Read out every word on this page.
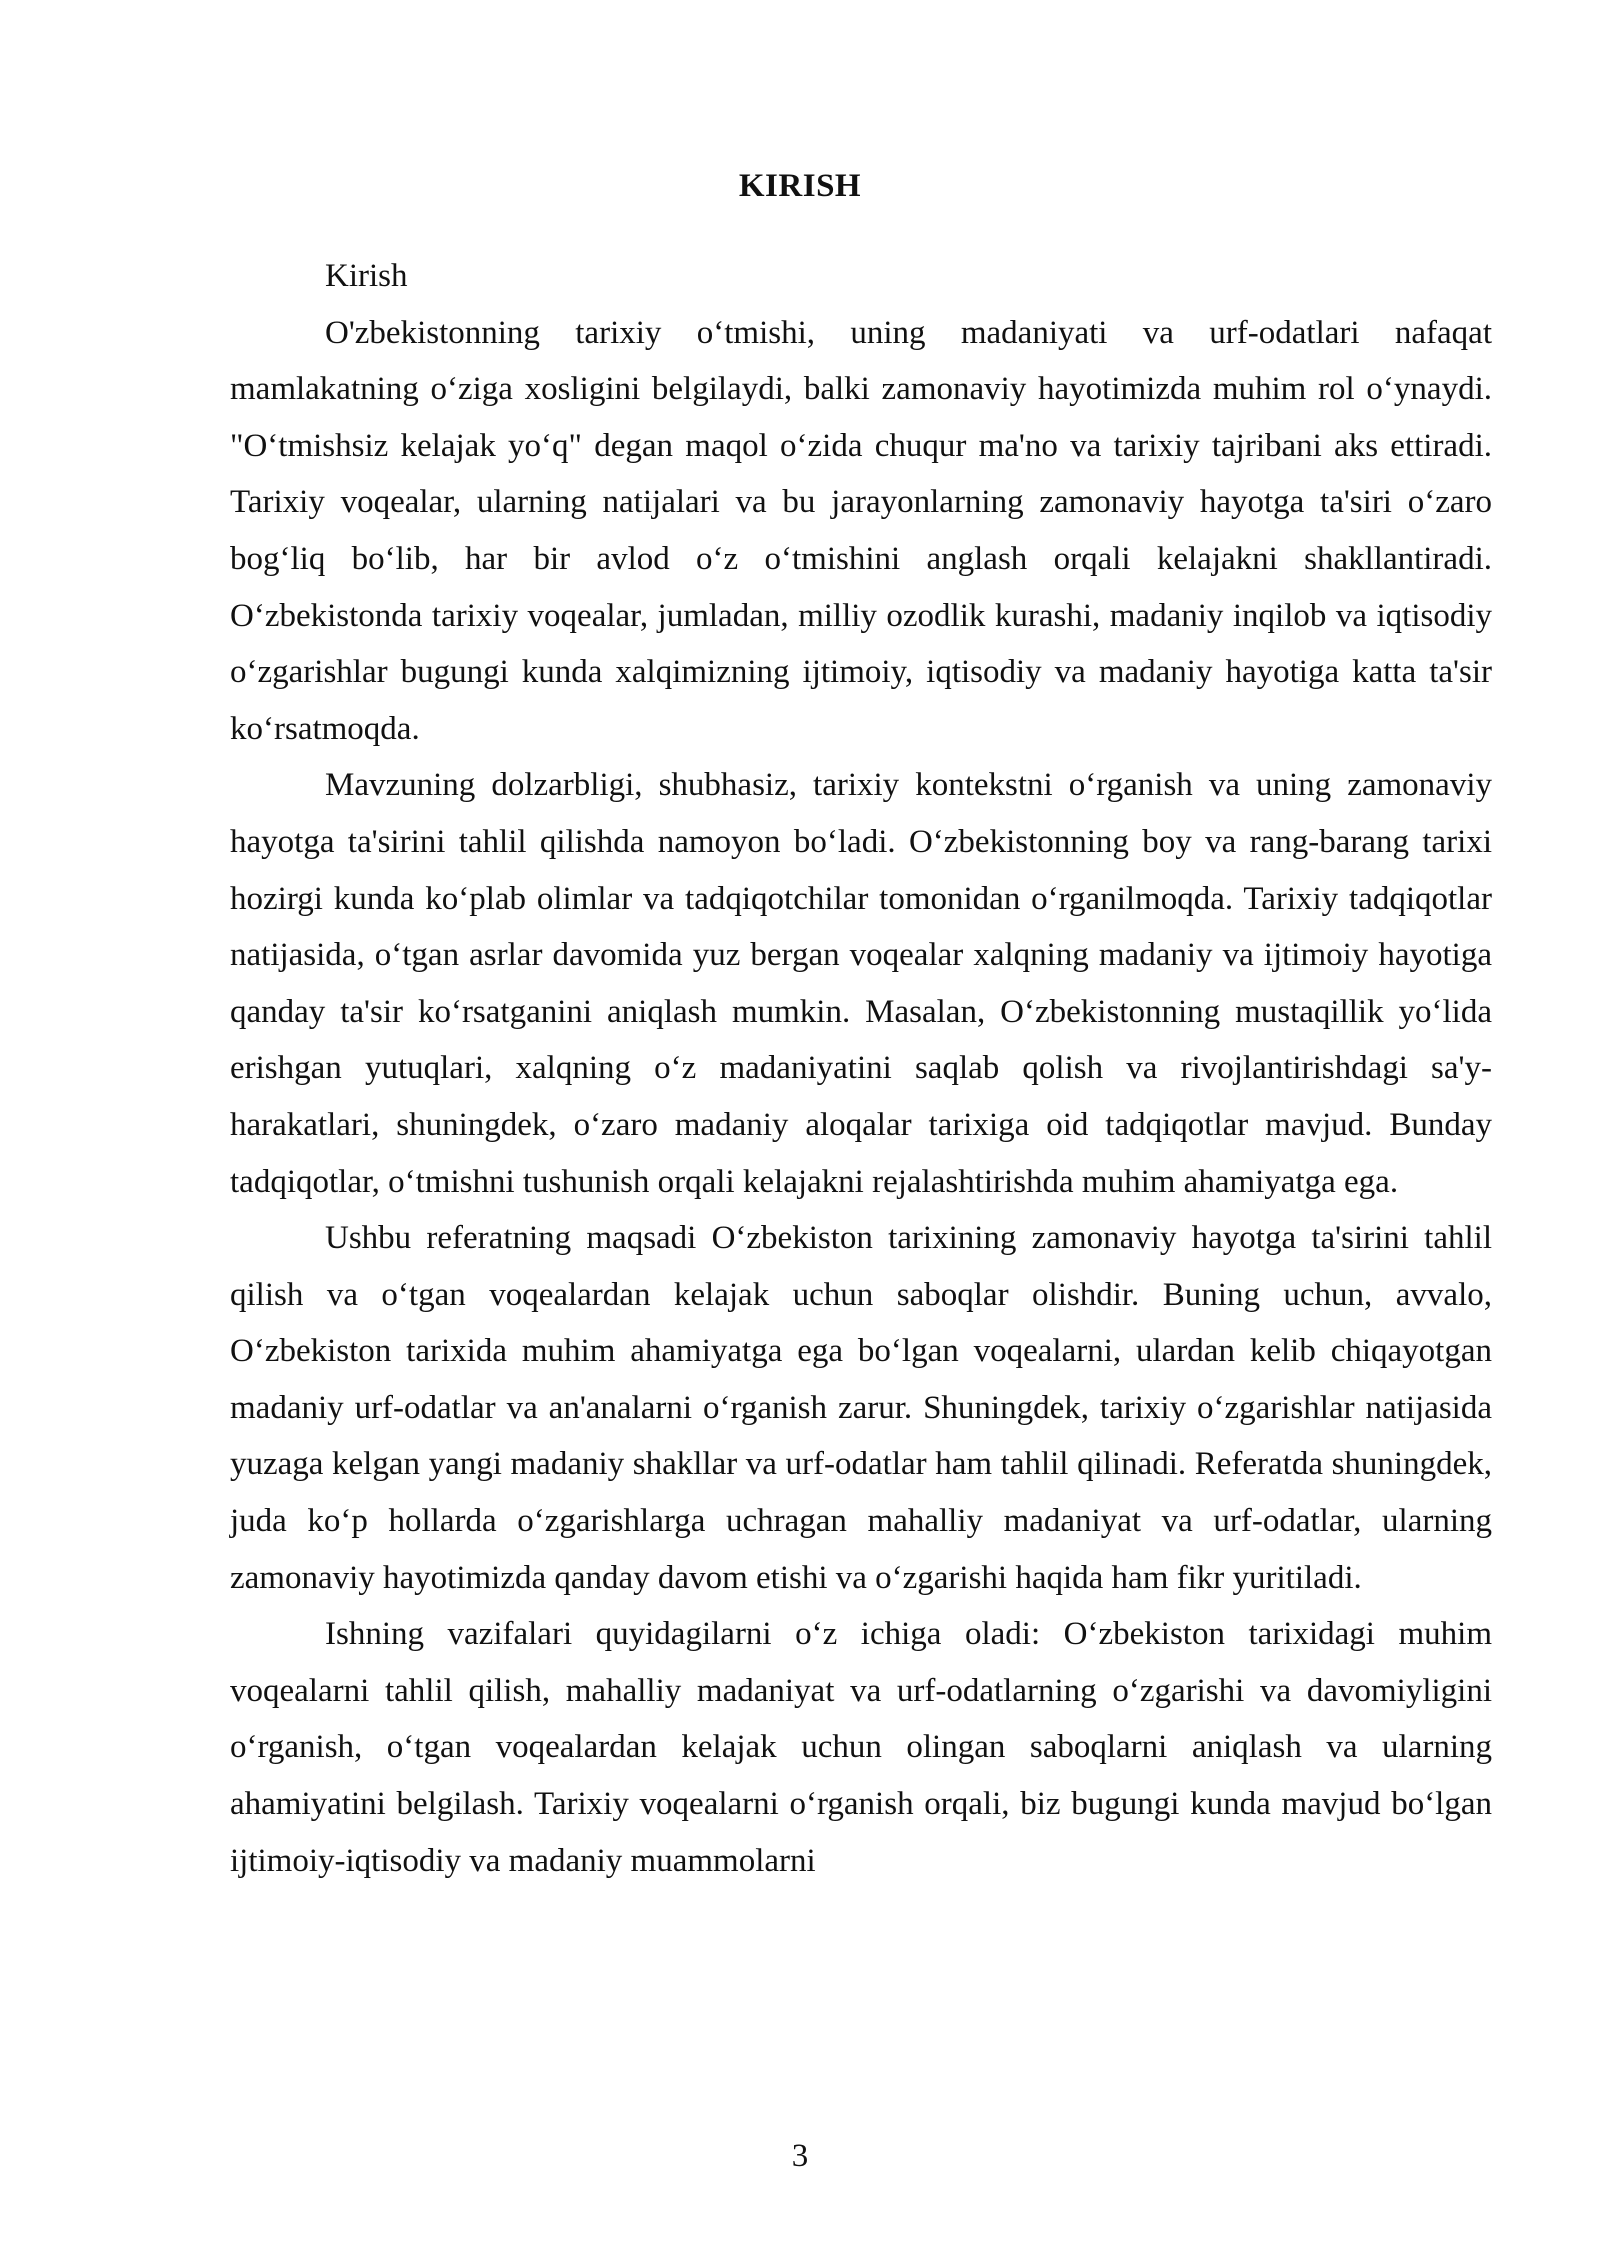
KIRISH

Kirish

O'zbekistonning tarixiy o‘tmishi, uning madaniyati va urf-odatlari nafaqat mamlakatning o‘ziga xosligini belgilaydi, balki zamonaviy hayotimizda muhim rol o‘ynaydi. "O‘tmishsiz kelajak yo‘q" degan maqol o‘zida chuqur ma'no va tarixiy tajribani aks ettiradi. Tarixiy voqealar, ularning natijalari va bu jarayonlarning zamonaviy hayotga ta'siri o‘zaro bog‘liq bo‘lib, har bir avlod o‘z o‘tmishini anglash orqali kelajakni shakllantiradi. O‘zbekistonda tarixiy voqealar, jumladan, milliy ozodlik kurashi, madaniy inqilob va iqtisodiy o‘zgarishlar bugungi kunda xalqimizning ijtimoiy, iqtisodiy va madaniy hayotiga katta ta'sir ko‘rsatmoqda.

Mavzuning dolzarbligi, shubhasiz, tarixiy kontekstni o‘rganish va uning zamonaviy hayotga ta'sirini tahlil qilishda namoyon bo‘ladi. O‘zbekistonning boy va rang-barang tarixi hozirgi kunda ko‘plab olimlar va tadqiqotchilar tomonidan o‘rganilmoqda. Tarixiy tadqiqotlar natijasida, o‘tgan asrlar davomida yuz bergan voqealar xalqning madaniy va ijtimoiy hayotiga qanday ta'sir ko‘rsatganini aniqlash mumkin. Masalan, O‘zbekistonning mustaqillik yo‘lida erishgan yutuqlari, xalqning o‘z madaniyatini saqlab qolish va rivojlantirishdagi sa'y-harakatlari, shuningdek, o‘zaro madaniy aloqalar tarixiga oid tadqiqotlar mavjud. Bunday tadqiqotlar, o‘tmishni tushunish orqali kelajakni rejalashtirishda muhim ahamiyatga ega.

Ushbu referatning maqsadi O‘zbekiston tarixining zamonaviy hayotga ta'sirini tahlil qilish va o‘tgan voqealardan kelajak uchun saboqlar olishdir. Buning uchun, avvalo, O‘zbekiston tarixida muhim ahamiyatga ega bo‘lgan voqealarni, ulardan kelib chiqayotgan madaniy urf-odatlar va an'analarni o‘rganish zarur. Shuningdek, tarixiy o‘zgarishlar natijasida yuzaga kelgan yangi madaniy shakllar va urf-odatlar ham tahlil qilinadi. Referatda shuningdek, juda ko‘p hollarda o‘zgarishlarga uchragan mahalliy madaniyat va urf-odatlar, ularning zamonaviy hayotimizda qanday davom etishi va o‘zgarishi haqida ham fikr yuritiladi.

Ishning vazifalari quyidagilarni o‘z ichiga oladi: O‘zbekiston tarixidagi muhim voqealarni tahlil qilish, mahalliy madaniyat va urf-odatlarning o‘zgarishi va davomiyligini o‘rganish, o‘tgan voqealardan kelajak uchun olingan saboqlarni aniqlash va ularning ahamiyatini belgilash. Tarixiy voqealarni o‘rganish orqali, biz bugungi kunda mavjud bo‘lgan ijtimoiy-iqtisodiy va madaniy muammolarni

3
